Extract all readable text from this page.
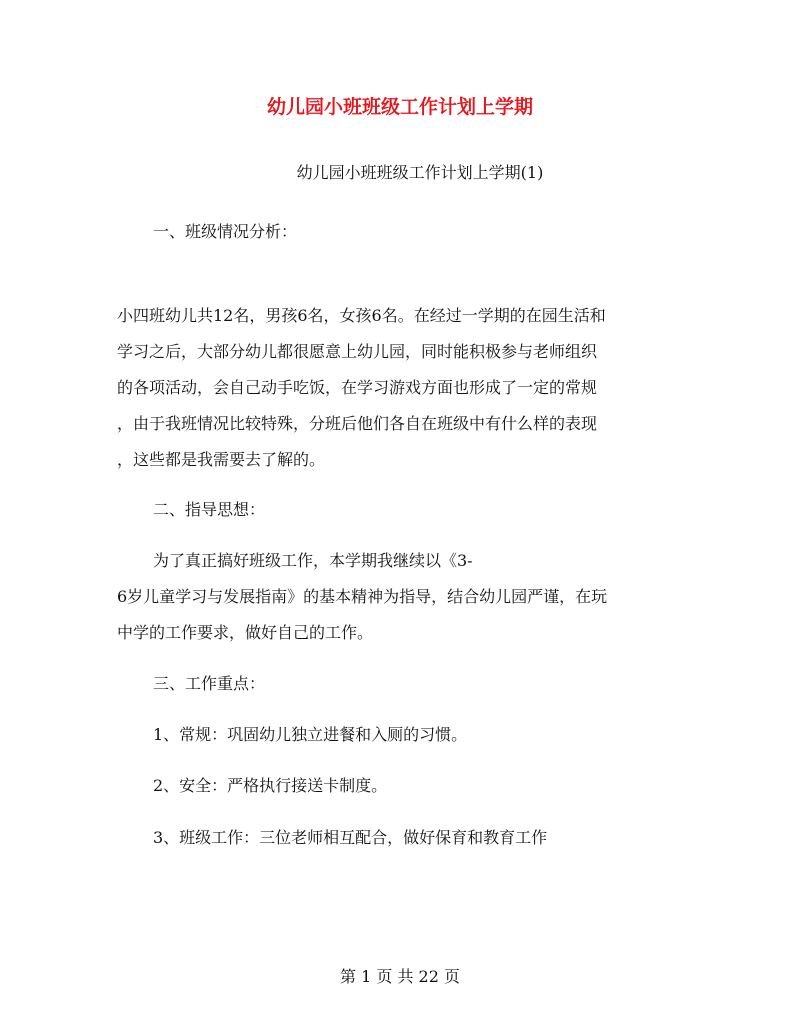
幼儿园小班班级工作计划上学期
幼儿园小班班级工作计划上学期(1)
一、班级情况分析：
小四班幼儿共12名，男孩6名，女孩6名。在经过一学期的在园生活和
学习之后，大部分幼儿都很愿意上幼儿园，同时能积极参与老师组织
的各项活动，会自己动手吃饭，在学习游戏方面也形成了一定的常规
，由于我班情况比较特殊，分班后他们各自在班级中有什么样的表现
，这些都是我需要去了解的。
二、指导思想：
为了真正搞好班级工作，本学期我继续以《3-
6岁儿童学习与发展指南》的基本精神为指导，结合幼儿园严谨，在玩
中学的工作要求，做好自己的工作。
三、工作重点：
1、常规：巩固幼儿独立进餐和入厕的习惯。
2、安全：严格执行接送卡制度。
3、班级工作：三位老师相互配合，做好保育和教育工作
第 1 页 共 22 页
